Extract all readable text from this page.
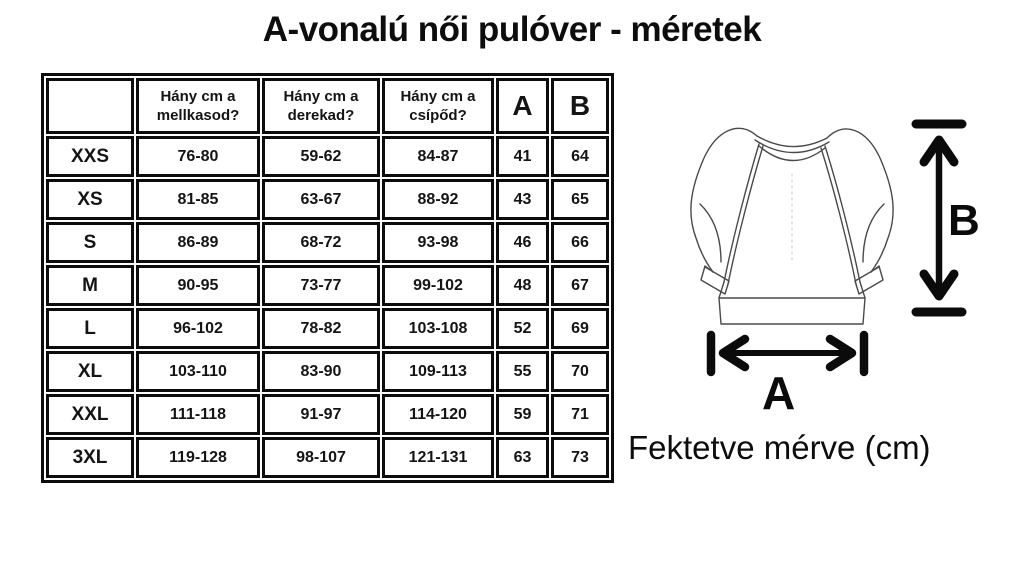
A-vonalú női pulóver - méretek
	Hány cm a mellkasod?	Hány cm a derekad?	Hány cm a csípőd?	A	B
XXS	76-80	59-62	84-87	41	64
XS	81-85	63-67	88-92	43	65
S	86-89	68-72	93-98	46	66
M	90-95	73-77	99-102	48	67
L	96-102	78-82	103-108	52	69
XL	103-110	83-90	109-113	55	70
XXL	111-118	91-97	114-120	59	71
3XL	119-128	98-107	121-131	63	73
B
A
Fektetve mérve (cm)
